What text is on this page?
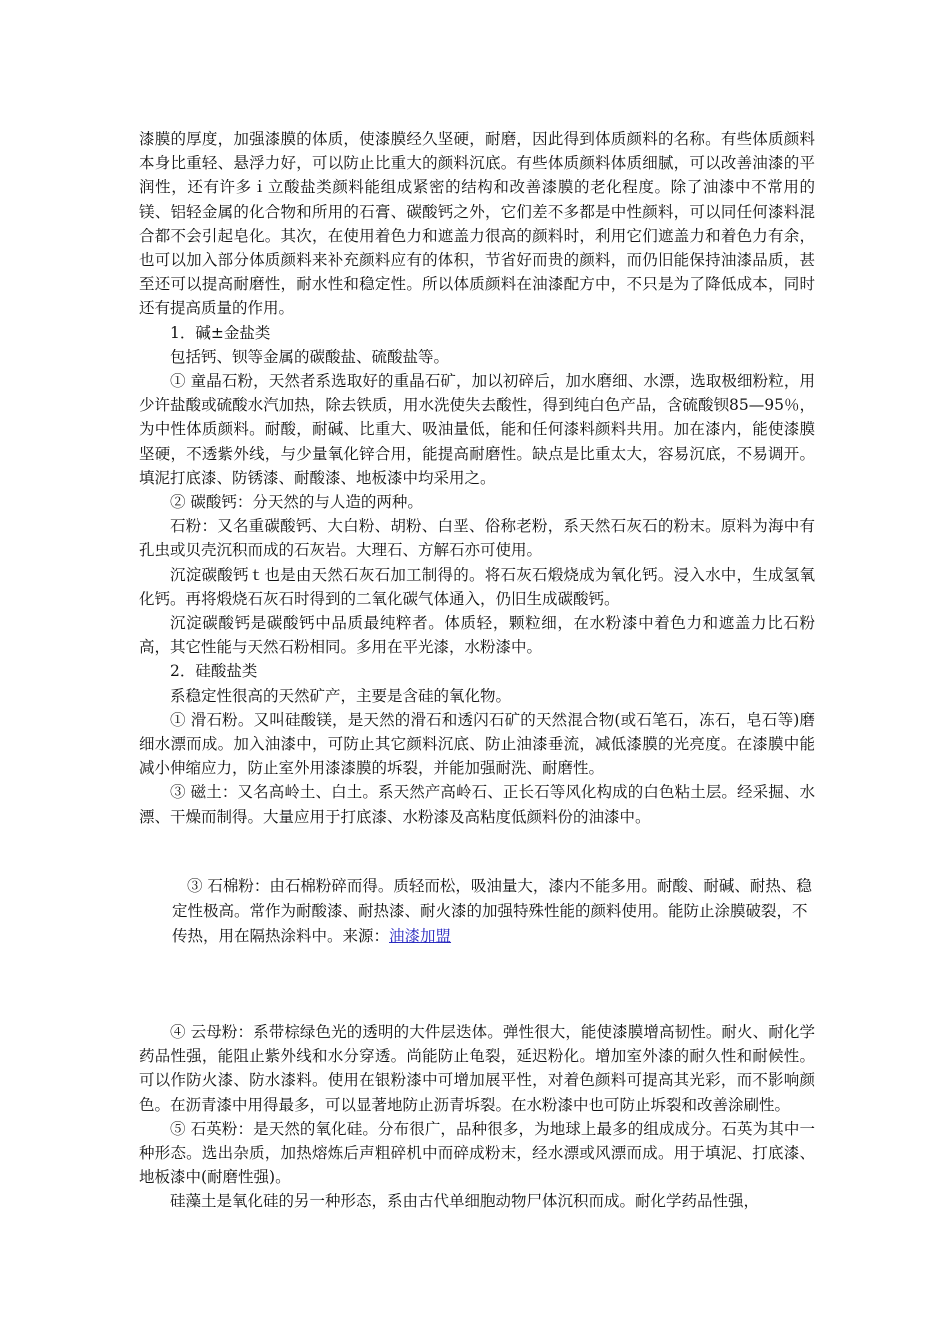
漆膜的厚度，加强漆膜的体质，使漆膜经久坚硬，耐磨，因此得到体质颜料的名称。有些体质颜料本身比重轻、悬浮力好，可以防止比重大的颜料沉底。有些体质颜料体质细腻，可以改善油漆的平润性，还有许多ｉ立酸盐类颜料能组成紧密的结构和改善漆膜的老化程度。除了油漆中不常用的镁、铝轻金属的化合物和所用的石膏、碳酸钙之外，它们差不多都是中性颜料，可以同任何漆料混合都不会引起皂化。其次，在使用着色力和遮盖力很高的颜料时，利用它们遮盖力和着色力有余，也可以加入部分体质颜料来补充颜料应有的体积，节省好而贵的颜料，而仍旧能保持油漆品质，甚至还可以提高耐磨性，耐水性和稳定性。所以体质颜料在油漆配方中，不只是为了降低成本，同时还有提高质量的作用。

1．碱±金盐类

包括钙、钡等金属的碳酸盐、硫酸盐等。

① 童晶石粉，天然者系选取好的重晶石矿，加以初碎后，加水磨细、水漂，选取极细粉粒，用少许盐酸或硫酸水汽加热，除去铁质，用水洗使失去酸性，得到纯白色产品，含硫酸钡85—95％，为中性体质颜料。耐酸，耐碱、比重大、吸油量低，能和任何漆料颜料共用。加在漆内，能使漆膜坚硬，不透紫外线，与少量氧化锌合用，能提高耐磨性。缺点是比重太大，容易沉底，不易调开。填泥打底漆、防锈漆、耐酸漆、地板漆中均采用之。

② 碳酸钙：分天然的与人造的两种。

石粉：又名重碳酸钙、大白粉、胡粉、白垩、俗称老粉，系天然石灰石的粉末。原料为海中有孔虫或贝壳沉积而成的石灰岩。大理石、方解石亦可使用。

沉淀碳酸钙ｔ也是由天然石灰石加工制得的。将石灰石煅烧成为氧化钙。浸入水中，生成氢氧化钙。再将煅烧石灰石时得到的二氧化碳气体通入，仍旧生成碳酸钙。

沉淀碳酸钙是碳酸钙中品质最纯粹者。体质轻，颗粒细，在水粉漆中着色力和遮盖力比石粉高，其它性能与天然石粉相同。多用在平光漆，水粉漆中。

2．硅酸盐类

系稳定性很高的天然矿产，主要是含硅的氧化物。

① 滑石粉。又叫硅酸镁，是天然的滑石和透闪石矿的天然混合物(或石笔石，冻石，皂石等)磨细水漂而成。加入油漆中，可防止其它颜料沉底、防止油漆垂流，减低漆膜的光亮度。在漆膜中能减小伸缩应力，防止室外用漆漆膜的坼裂，并能加强耐洗、耐磨性。

③ 磁土：又名高岭土、白土。系天然产高岭石、正长石等风化构成的白色粘土层。经采掘、水漂、干燥而制得。大量应用于打底漆、水粉漆及高粘度低颜料份的油漆中。

③ 石棉粉：由石棉粉碎而得。质轻而松，吸油量大，漆内不能多用。耐酸、耐碱、耐热、稳定性极高。常作为耐酸漆、耐热漆、耐火漆的加强特殊性能的颜料使用。能防止涂膜破裂，不传热，用在隔热涂料中。来源：油漆加盟

④ 云母粉：系带棕绿色光的透明的大件层迭体。弹性很大，能使漆膜增高韧性。耐火、耐化学药品性强，能阻止紫外线和水分穿透。尚能防止龟裂，延迟粉化。增加室外漆的耐久性和耐候性。可以作防火漆、防水漆料。使用在银粉漆中可增加展平性，对着色颜料可提高其光彩，而不影响颜色。在沥青漆中用得最多，可以显著地防止沥青坼裂。在水粉漆中也可防止坼裂和改善涂刷性。

⑤ 石英粉：是天然的氧化硅。分布很广，品种很多，为地球上最多的组成成分。石英为其中一种形态。选出杂质，加热熔炼后声粗碎机中而碎成粉末，经水漂或风漂而成。用于填泥、打底漆、地板漆中(耐磨性强)。

硅藻土是氧化硅的另一种形态，系由古代单细胞动物尸体沉积而成。耐化学药品性强，
